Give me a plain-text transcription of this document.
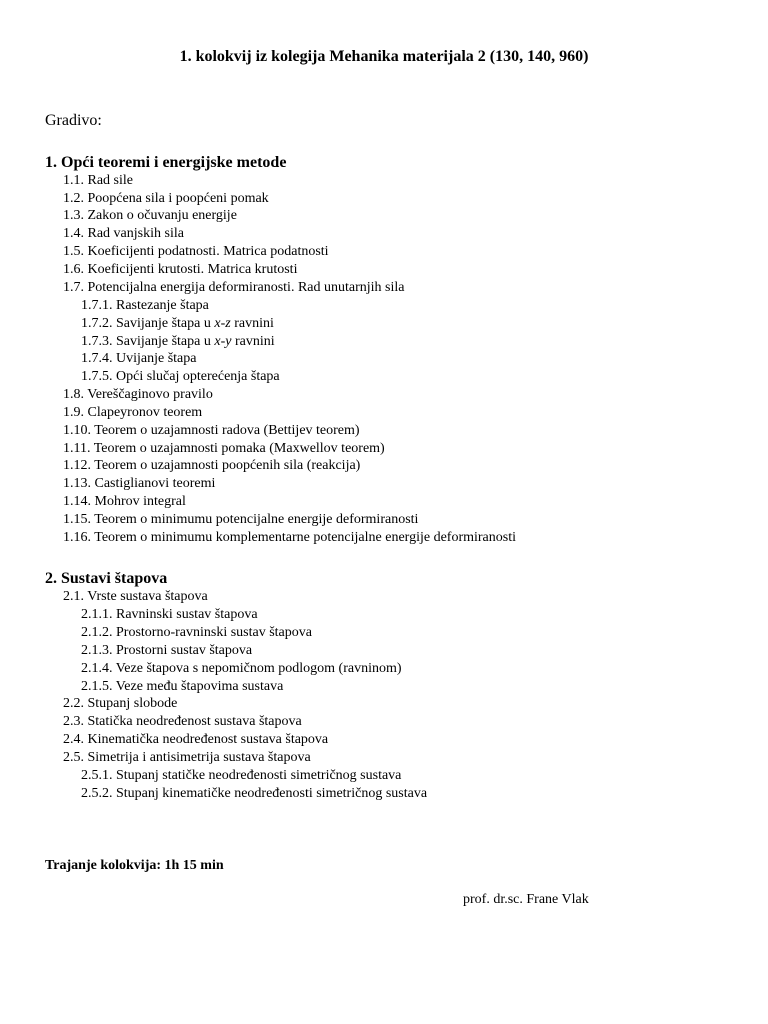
1. kolokvij iz kolegija Mehanika materijala 2 (130, 140, 960)
Gradivo:
1. Opći teoremi i energijske metode
1.1. Rad sile
1.2. Poopćena sila i poopćeni pomak
1.3. Zakon o očuvanju energije
1.4. Rad vanjskih sila
1.5. Koeficijenti podatnosti. Matrica podatnosti
1.6. Koeficijenti krutosti. Matrica krutosti
1.7. Potencijalna energija deformiranosti. Rad unutarnjih sila
1.7.1. Rastezanje štapa
1.7.2. Savijanje štapa u x-z ravnini
1.7.3. Savijanje štapa u x-y ravnini
1.7.4. Uvijanje štapa
1.7.5. Opći slučaj opterećenja štapa
1.8. Vereščaginovo pravilo
1.9. Clapeyronov teorem
1.10. Teorem o uzajamnosti radova (Bettijev teorem)
1.11. Teorem o uzajamnosti pomaka (Maxwellov teorem)
1.12. Teorem o uzajamnosti poopćenih sila (reakcija)
1.13. Castiglianovi teoremi
1.14. Mohrov integral
1.15. Teorem o minimumu potencijalne energije deformiranosti
1.16. Teorem o minimumu komplementarne potencijalne energije deformiranosti
2. Sustavi štapova
2.1. Vrste sustava štapova
2.1.1. Ravninski sustav štapova
2.1.2. Prostorno-ravninski sustav štapova
2.1.3. Prostorni sustav štapova
2.1.4. Veze štapova s nepomičnom podlogom (ravninom)
2.1.5. Veze među štapovima sustava
2.2. Stupanj slobode
2.3. Statička neodređenost sustava štapova
2.4. Kinematička neodređenost sustava štapova
2.5. Simetrija i antisimetrija sustava štapova
2.5.1. Stupanj statičke neodređenosti simetričnog sustava
2.5.2. Stupanj kinematičke neodređenosti simetričnog sustava
Trajanje kolokvija: 1h 15 min
prof. dr.sc. Frane Vlak
